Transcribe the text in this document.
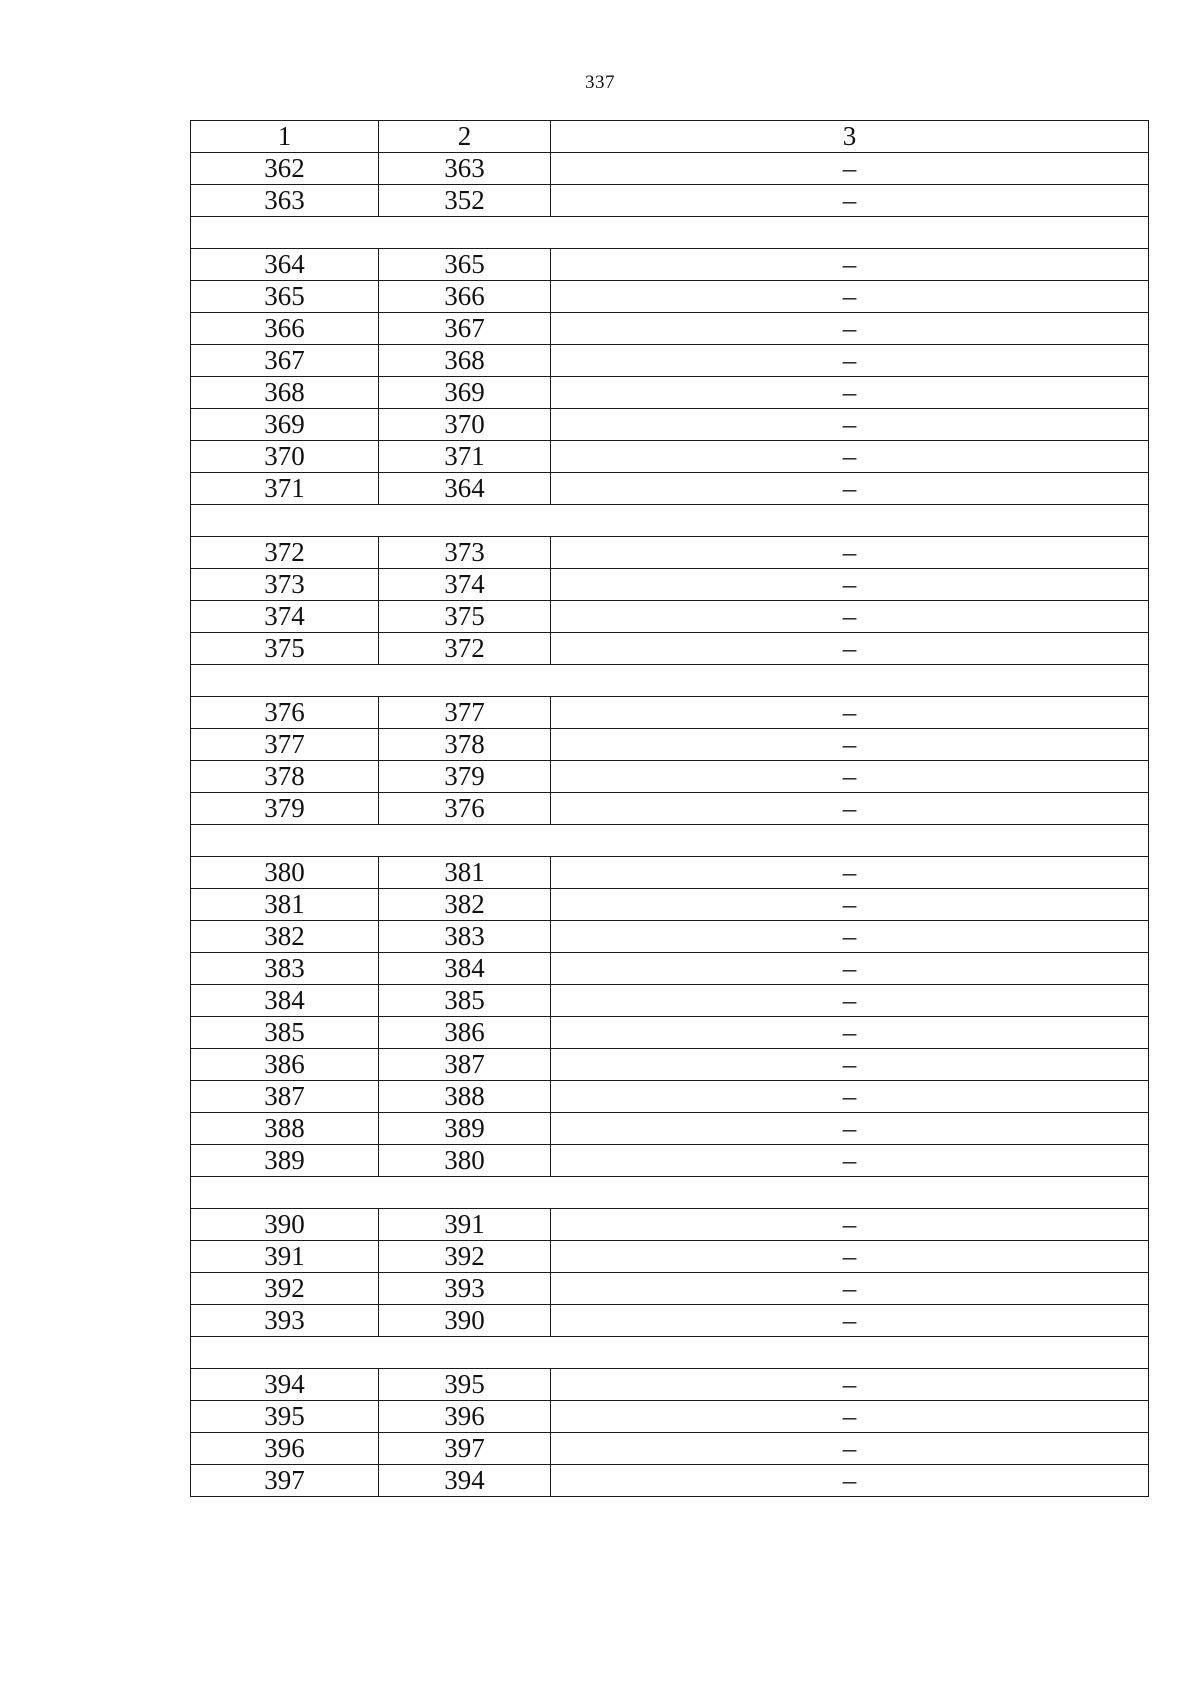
337
1	2	3
362	363	–
363	352	–

364	365	–
365	366	–
366	367	–
367	368	–
368	369	–
369	370	–
370	371	–
371	364	–

372	373	–
373	374	–
374	375	–
375	372	–

376	377	–
377	378	–
378	379	–
379	376	–

380	381	–
381	382	–
382	383	–
383	384	–
384	385	–
385	386	–
386	387	–
387	388	–
388	389	–
389	380	–

390	391	–
391	392	–
392	393	–
393	390	–

394	395	–
395	396	–
396	397	–
397	394	–
